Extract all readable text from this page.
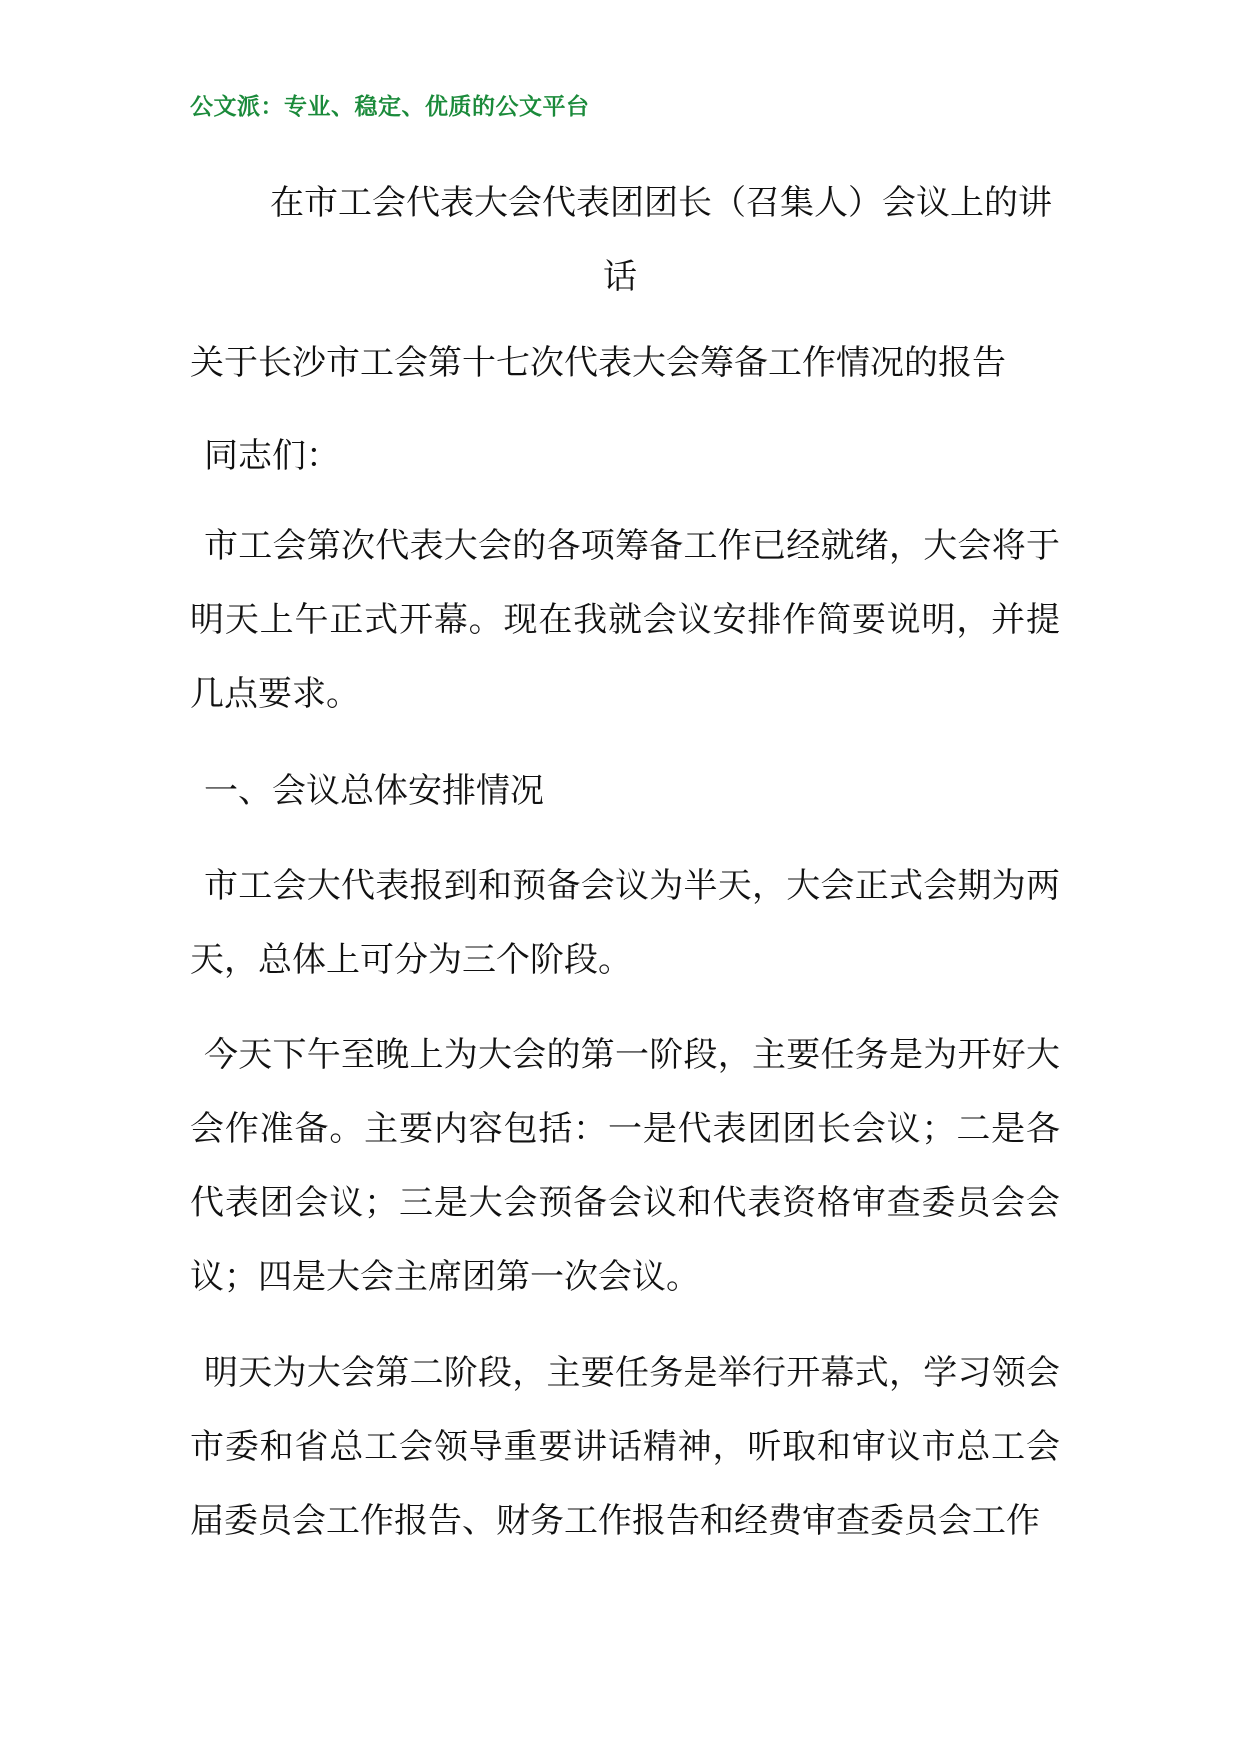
公文派：专业、稳定、优质的公文平台
在市工会代表大会代表团团长（召集人）会议上的讲
话

关于长沙市工会第十七次代表大会筹备工作情况的报告

同志们：

市工会第次代表大会的各项筹备工作已经就绪，大会将于明天上午正式开幕。现在我就会议安排作简要说明，并提几点要求。

一、会议总体安排情况

市工会大代表报到和预备会议为半天，大会正式会期为两天，总体上可分为三个阶段。

今天下午至晚上为大会的第一阶段，主要任务是为开好大会作准备。主要内容包括：一是代表团团长会议；二是各代表团会议；三是大会预备会议和代表资格审查委员会会议；四是大会主席团第一次会议。

明天为大会第二阶段，主要任务是举行开幕式，学习领会市委和省总工会领导重要讲话精神，听取和审议市总工会届委员会工作报告、财务工作报告和经费审查委员会工作
